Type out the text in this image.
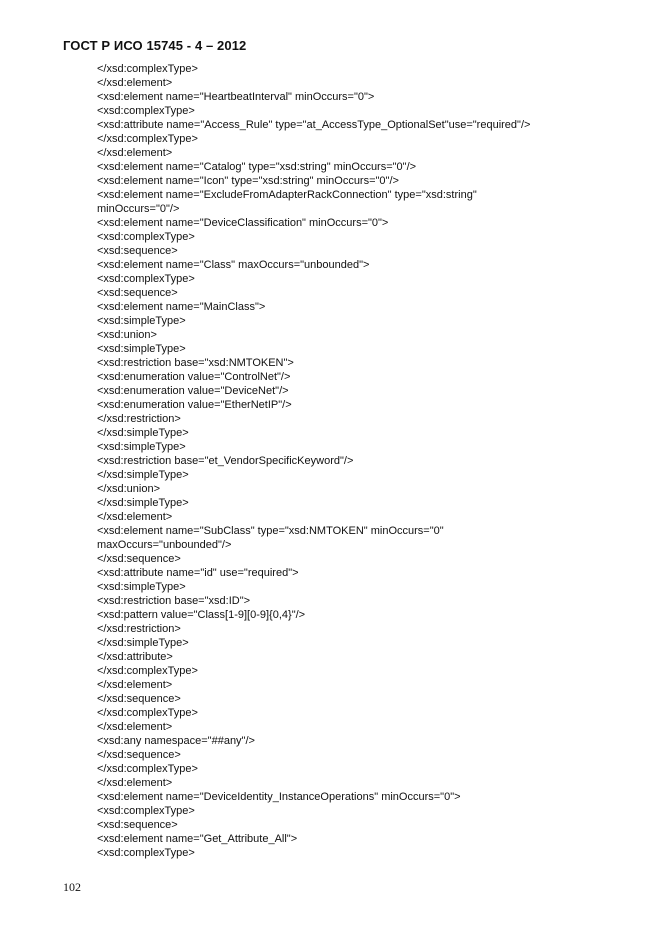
ГОСТ Р ИСО 15745 - 4 – 2012
</xsd:complexType>
</xsd:element>
<xsd:element name="HeartbeatInterval" minOccurs="0">
<xsd:complexType>
<xsd:attribute name="Access_Rule" type="at_AccessType_OptionalSet"use="required"/>
</xsd:complexType>
</xsd:element>
<xsd:element name="Catalog" type="xsd:string" minOccurs="0"/>
<xsd:element name="Icon" type="xsd:string" minOccurs="0"/>
<xsd:element name="ExcludeFromAdapterRackConnection" type="xsd:string"
minOccurs="0"/>
<xsd:element name="DeviceClassification" minOccurs="0">
<xsd:complexType>
<xsd:sequence>
<xsd:element name="Class" maxOccurs="unbounded">
<xsd:complexType>
<xsd:sequence>
<xsd:element name="MainClass">
<xsd:simpleType>
<xsd:union>
<xsd:simpleType>
<xsd:restriction base="xsd:NMTOKEN">
<xsd:enumeration value="ControlNet"/>
<xsd:enumeration value="DeviceNet"/>
<xsd:enumeration value="EtherNetIP"/>
</xsd:restriction>
</xsd:simpleType>
<xsd:simpleType>
<xsd:restriction base="et_VendorSpecificKeyword"/>
</xsd:simpleType>
</xsd:union>
</xsd:simpleType>
</xsd:element>
<xsd:element name="SubClass" type="xsd:NMTOKEN" minOccurs="0"
maxOccurs="unbounded"/>
</xsd:sequence>
<xsd:attribute name="id" use="required">
<xsd:simpleType>
<xsd:restriction base="xsd:ID">
<xsd:pattern value="Class[1-9][0-9]{0,4}"/>
</xsd:restriction>
</xsd:simpleType>
</xsd:attribute>
</xsd:complexType>
</xsd:element>
</xsd:sequence>
</xsd:complexType>
</xsd:element>
<xsd:any namespace="##any"/>
</xsd:sequence>
</xsd:complexType>
</xsd:element>
<xsd:element name="DeviceIdentity_InstanceOperations" minOccurs="0">
<xsd:complexType>
<xsd:sequence>
<xsd:element name="Get_Attribute_All">
<xsd:complexType>
102
